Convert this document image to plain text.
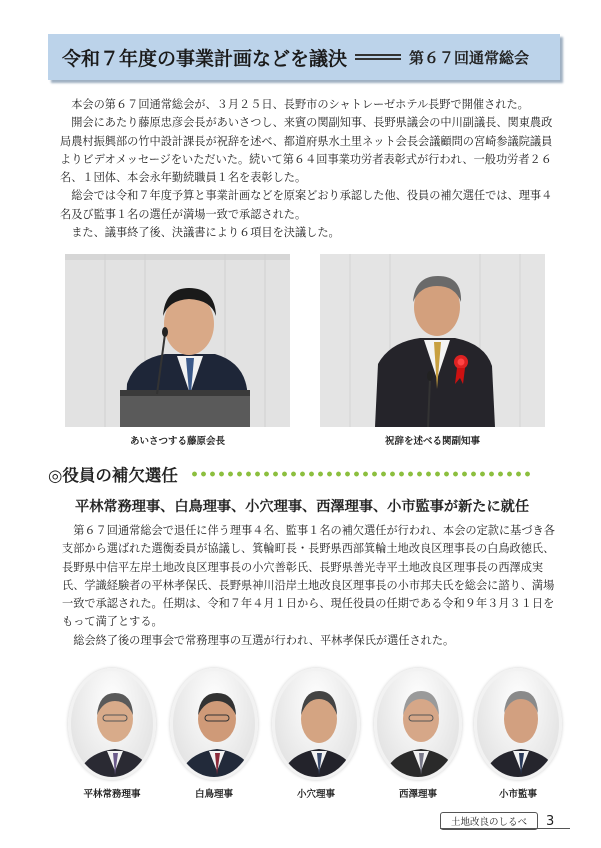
令和７年度の事業計画などを議決	第６７回通常総会

本会の第６７回通常総会が、３月２５日、長野市のシャトレーゼホテル長野で開催された。

開会にあたり藤原忠彦会長があいさつし、来賓の関副知事、長野県議会の中川副議長、関東農政局農村振興部の竹中設計課長が祝辞を述べ、都道府県水土里ネット会長会議顧問の宮崎参議院議員よりビデオメッセージをいただいた。続いて第６４回事業功労者表彰式が行われ、一般功労者２６名、１団体、本会永年勤続職員１名を表彰した。

総会では令和７年度予算と事業計画などを原案どおり承認した他、役員の補欠選任では、理事４名及び監事１名の選任が満場一致で承認された。

また、議事終了後、決議書により６項目を決議した。

あいさつする藤原会長	祝辞を述べる関副知事
◎役員の補欠選任
平林常務理事、白鳥理事、小穴理事、西澤理事、小市監事が新たに就任

第６７回通常総会で退任に伴う理事４名、監事１名の補欠選任が行われ、本会の定款に基づき各支部から選ばれた選衡委員が協議し、箕輪町長・長野県西部箕輪土地改良区理事長の白鳥政徳氏、長野県中信平左岸土地改良区理事長の小穴善彰氏、長野県善光寺平土地改良区理事長の西澤成実氏、学識経験者の平林孝保氏、長野県神川沿岸土地改良区理事長の小市邦夫氏を総会に諮り、満場一致で承認された。任期は、令和７年４月１日から、現任役員の任期である令和９年３月３１日をもって満了とする。

総会終了後の理事会で常務理事の互選が行われ、平林孝保氏が選任された。

平林常務理事	白鳥理事	小穴理事	西澤理事	小市監事
土地改良のしるべ	3
